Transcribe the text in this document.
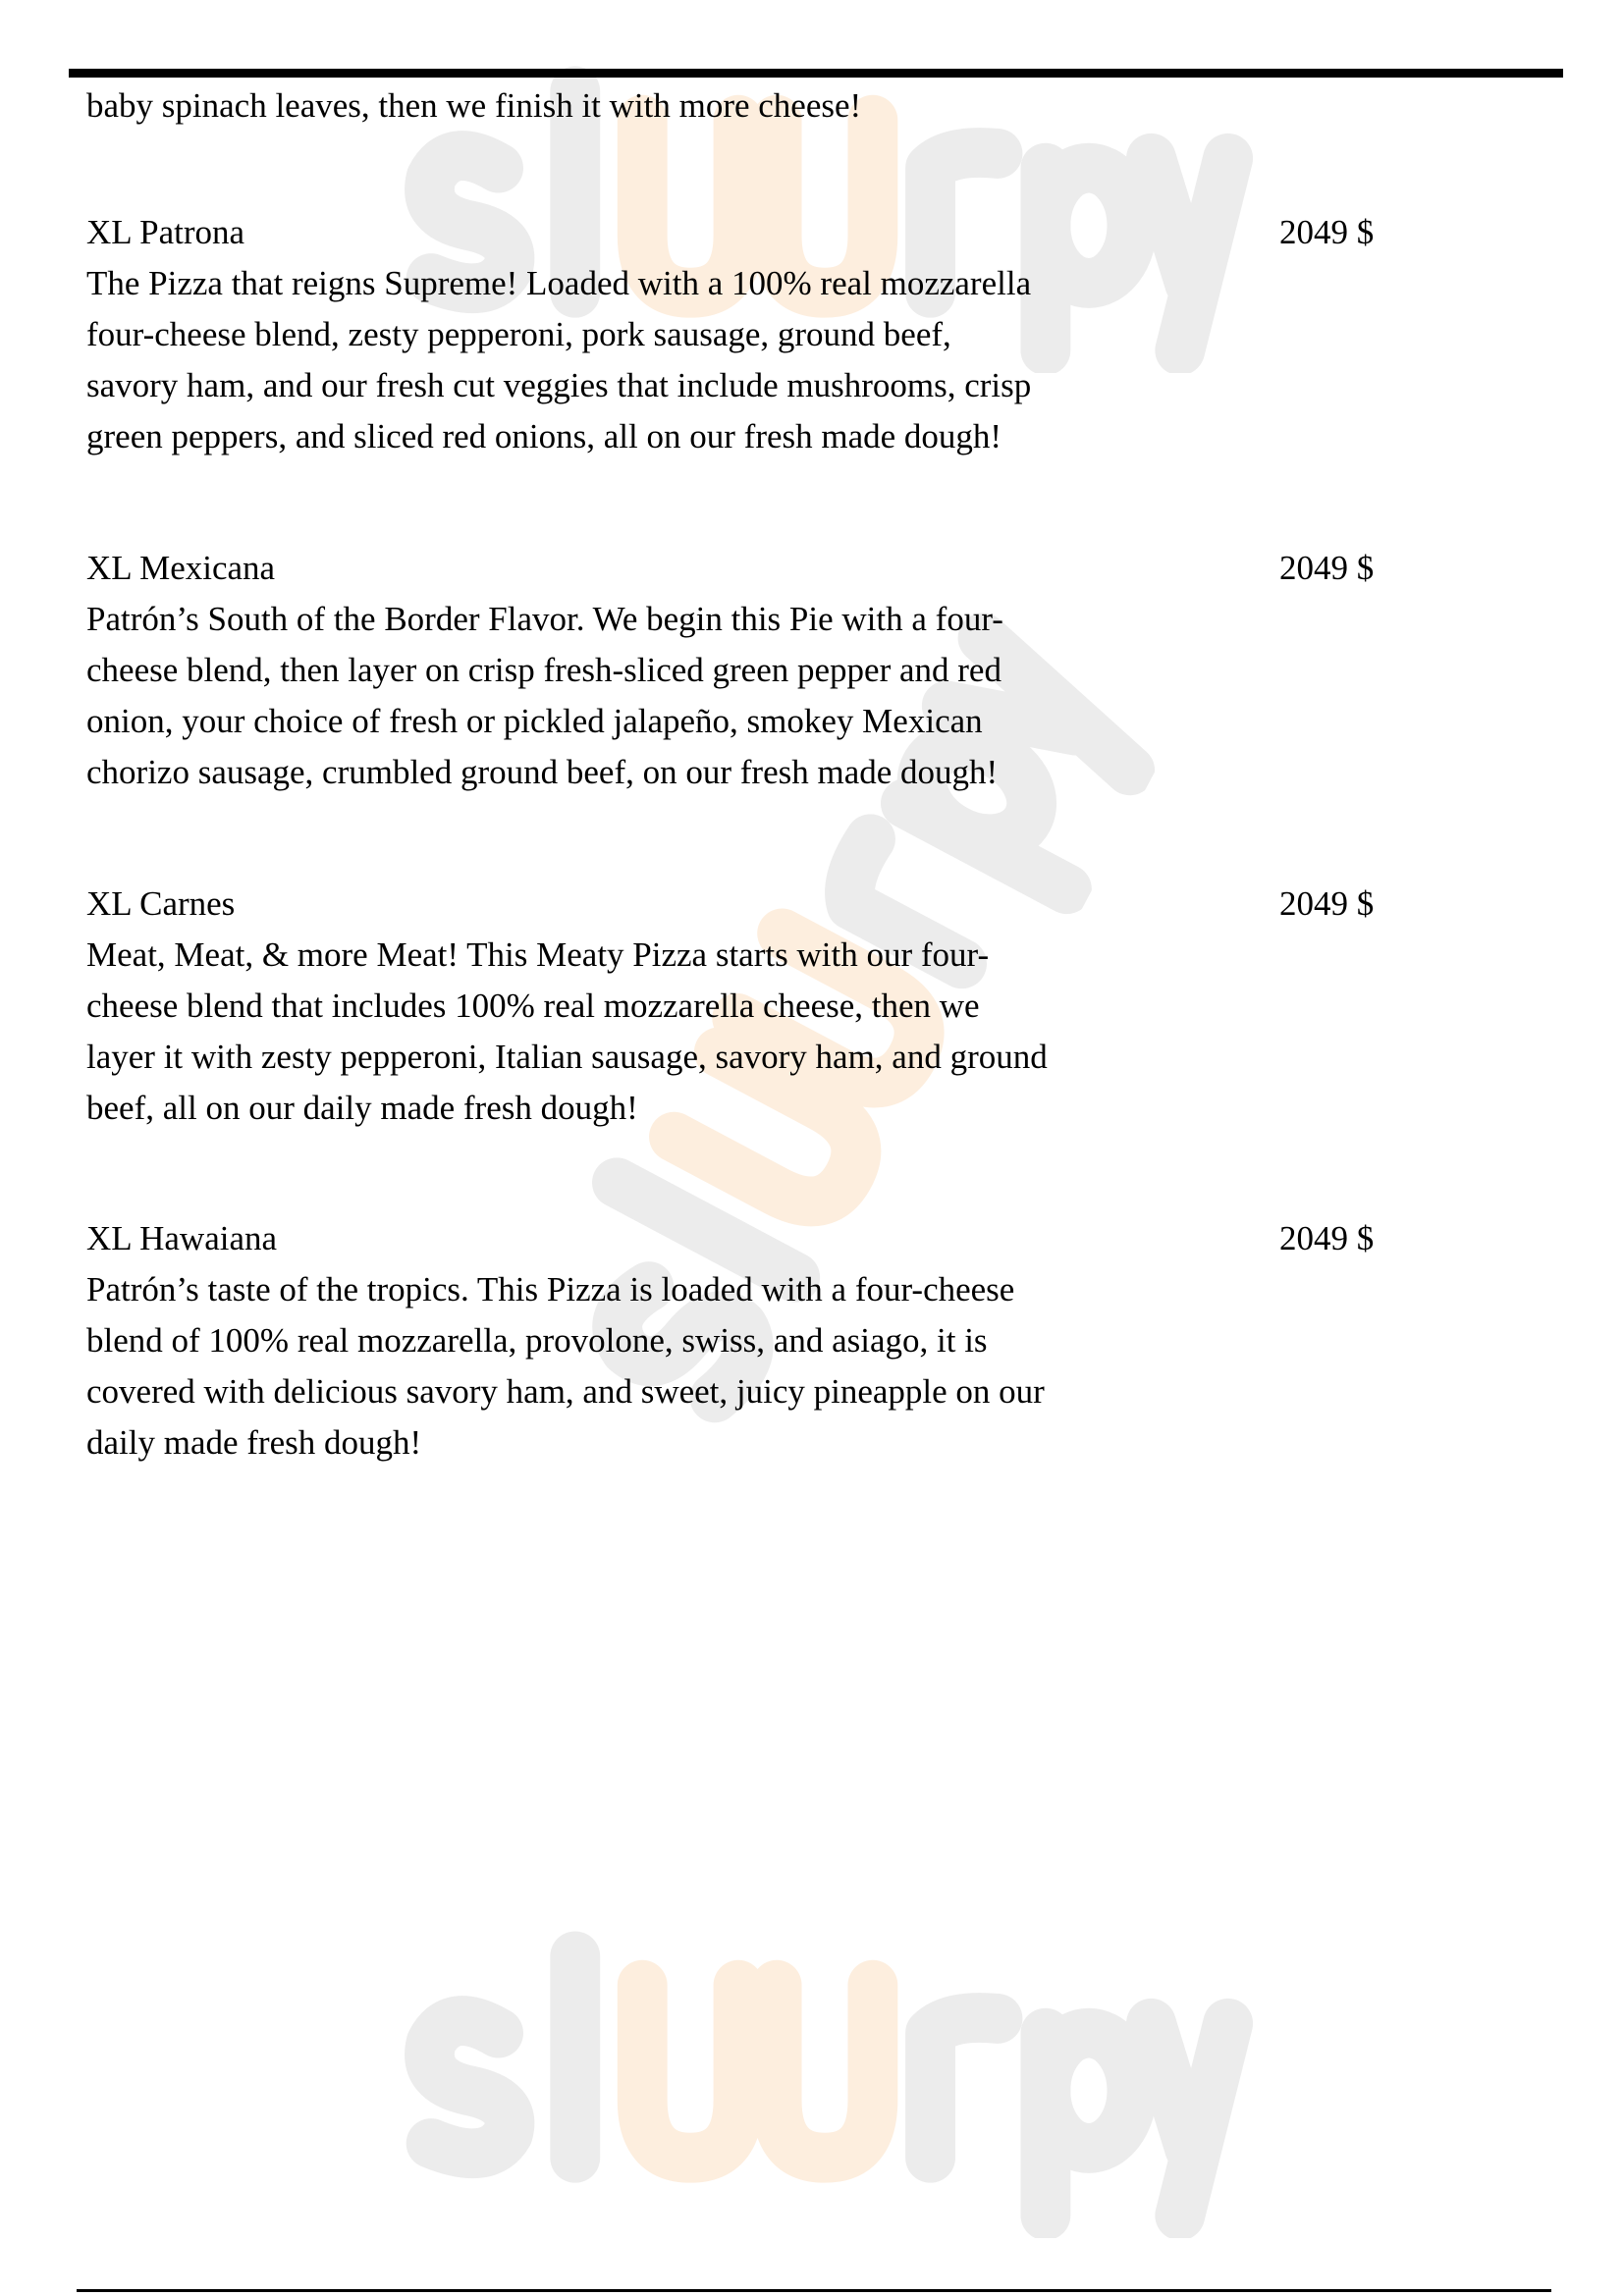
baby spinach leaves, then we finish it with more cheese!
XL Patrona
The Pizza that reigns Supreme! Loaded with a 100% real mozzarella
four-cheese blend, zesty pepperoni, pork sausage, ground beef,
savory ham, and our fresh cut veggies that include mushrooms, crisp
green peppers, and sliced red onions, all on our fresh made dough!
2049 $
XL Mexicana
Patrón’s South of the Border Flavor. We begin this Pie with a four-
cheese blend, then layer on crisp fresh-sliced green pepper and red
onion, your choice of fresh or pickled jalapeño, smokey Mexican
chorizo sausage, crumbled ground beef, on our fresh made dough!
2049 $
XL Carnes
Meat, Meat, & more Meat! This Meaty Pizza starts with our four-
cheese blend that includes 100% real mozzarella cheese, then we
layer it with zesty pepperoni, Italian sausage, savory ham, and ground
beef, all on our daily made fresh dough!
2049 $
XL Hawaiana
Patrón’s taste of the tropics. This Pizza is loaded with a four-cheese
blend of 100% real mozzarella, provolone, swiss, and asiago, it is
covered with delicious savory ham, and sweet, juicy pineapple on our
daily made fresh dough!
2049 $
